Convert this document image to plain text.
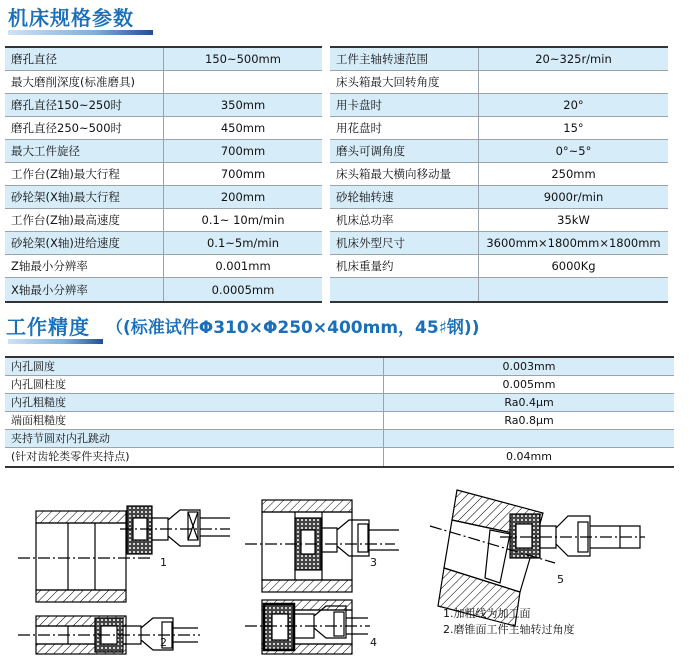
机床规格参数
磨孔直径	150~500mm
最大磨削深度(标准磨具)
磨孔直径150~250时	350mm
磨孔直径250~500时	450mm
最大工件旋径	700mm
工作台(Z轴)最大行程	700mm
砂轮架(X轴)最大行程	200mm
工作台(Z轴)最高速度	0.1~ 10m/min
砂轮架(X轴)进给速度	0.1~5m/min
Z轴最小分辨率	0.001mm
X轴最小分辨率	0.0005mm
工件主轴转速范围	20~325r/min
床头箱最大回转角度
用卡盘时	20°
用花盘时	15°
磨头可调角度	0°~5°
床头箱最大横向移动量	250mm
砂轮轴转速	9000r/min
机床总功率	35kW
机床外型尺寸	3600mm×1800mm×1800mm
机床重量约	6000Kg
工作精度 （(标准试件Φ310×Φ250×400mm，45♯钢))
内孔圆度	0.003mm
内孔圆柱度	0.005mm
内孔粗糙度	Ra0.4μm
端面粗糙度	Ra0.8μm
夹持节圆对内孔跳动
(针对齿轮类零件夹持点)	0.04mm
1
2
3
4
5
1.加粗线为加工面
2.磨锥面工件主轴转过角度
